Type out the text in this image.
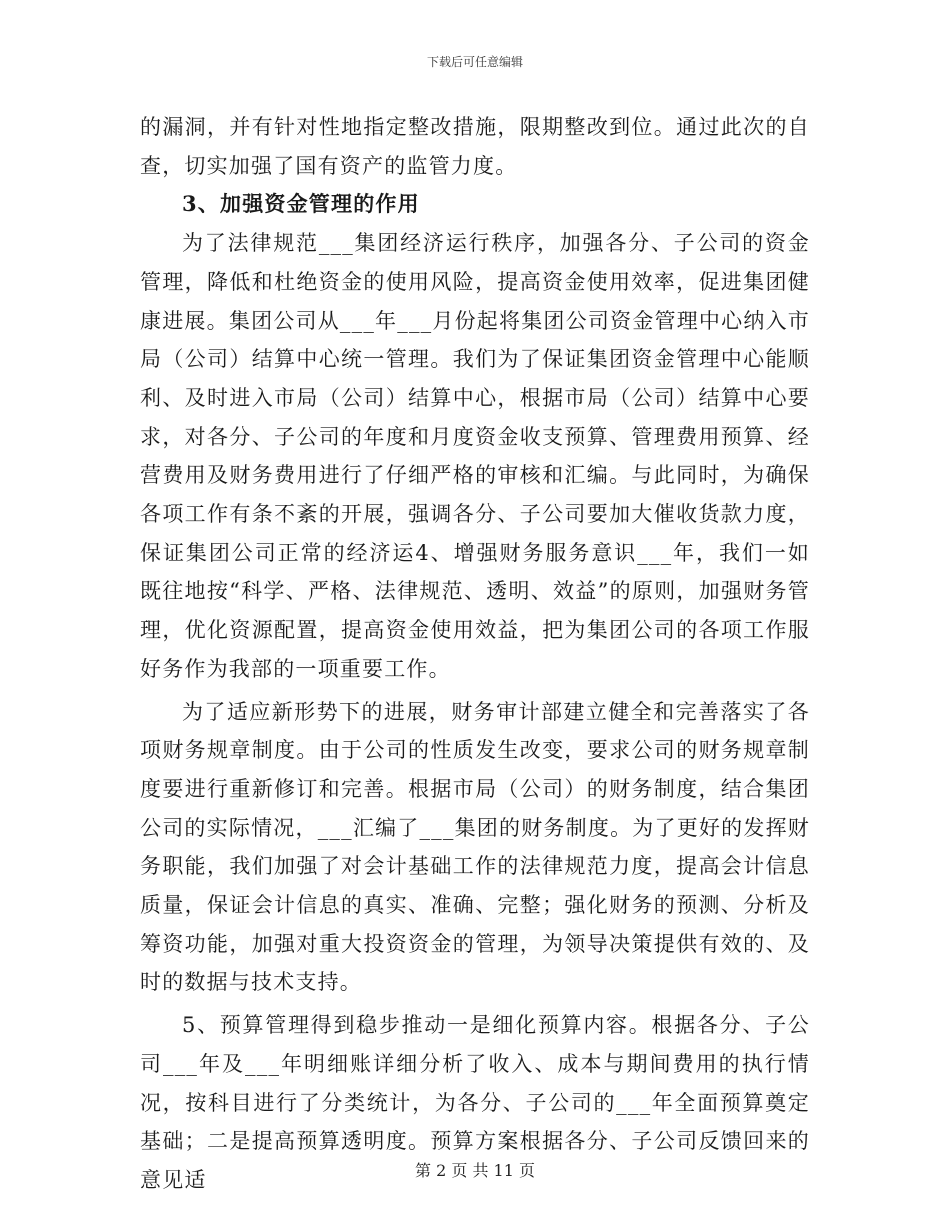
下载后可任意编辑

的漏洞，并有针对性地指定整改措施，限期整改到位。通过此次的自查，切实加强了国有资产的监管力度。

3、加强资金管理的作用

为了法律规范___集团经济运行秩序，加强各分、子公司的资金管理，降低和杜绝资金的使用风险，提高资金使用效率，促进集团健康进展。集团公司从___年___月份起将集团公司资金管理中心纳入市局（公司）结算中心统一管理。我们为了保证集团资金管理中心能顺利、及时进入市局（公司）结算中心，根据市局（公司）结算中心要求，对各分、子公司的年度和月度资金收支预算、管理费用预算、经营费用及财务费用进行了仔细严格的审核和汇编。与此同时，为确保各项工作有条不紊的开展，强调各分、子公司要加大催收货款力度，保证集团公司正常的经济运4、增强财务服务意识___年，我们一如既往地按“科学、严格、法律规范、透明、效益”的原则，加强财务管理，优化资源配置，提高资金使用效益，把为集团公司的各项工作服好务作为我部的一项重要工作。

为了适应新形势下的进展，财务审计部建立健全和完善落实了各项财务规章制度。由于公司的性质发生改变，要求公司的财务规章制度要进行重新修订和完善。根据市局（公司）的财务制度，结合集团公司的实际情况，___汇编了___集团的财务制度。为了更好的发挥财务职能，我们加强了对会计基础工作的法律规范力度，提高会计信息质量，保证会计信息的真实、准确、完整；强化财务的预测、分析及筹资功能，加强对重大投资资金的管理，为领导决策提供有效的、及时的数据与技术支持。

5、预算管理得到稳步推动一是细化预算内容。根据各分、子公司___年及___年明细账详细分析了收入、成本与期间费用的执行情况，按科目进行了分类统计，为各分、子公司的___年全面预算奠定基础；二是提高预算透明度。预算方案根据各分、子公司反馈回来的意见适	第 2 页 共 11 页
